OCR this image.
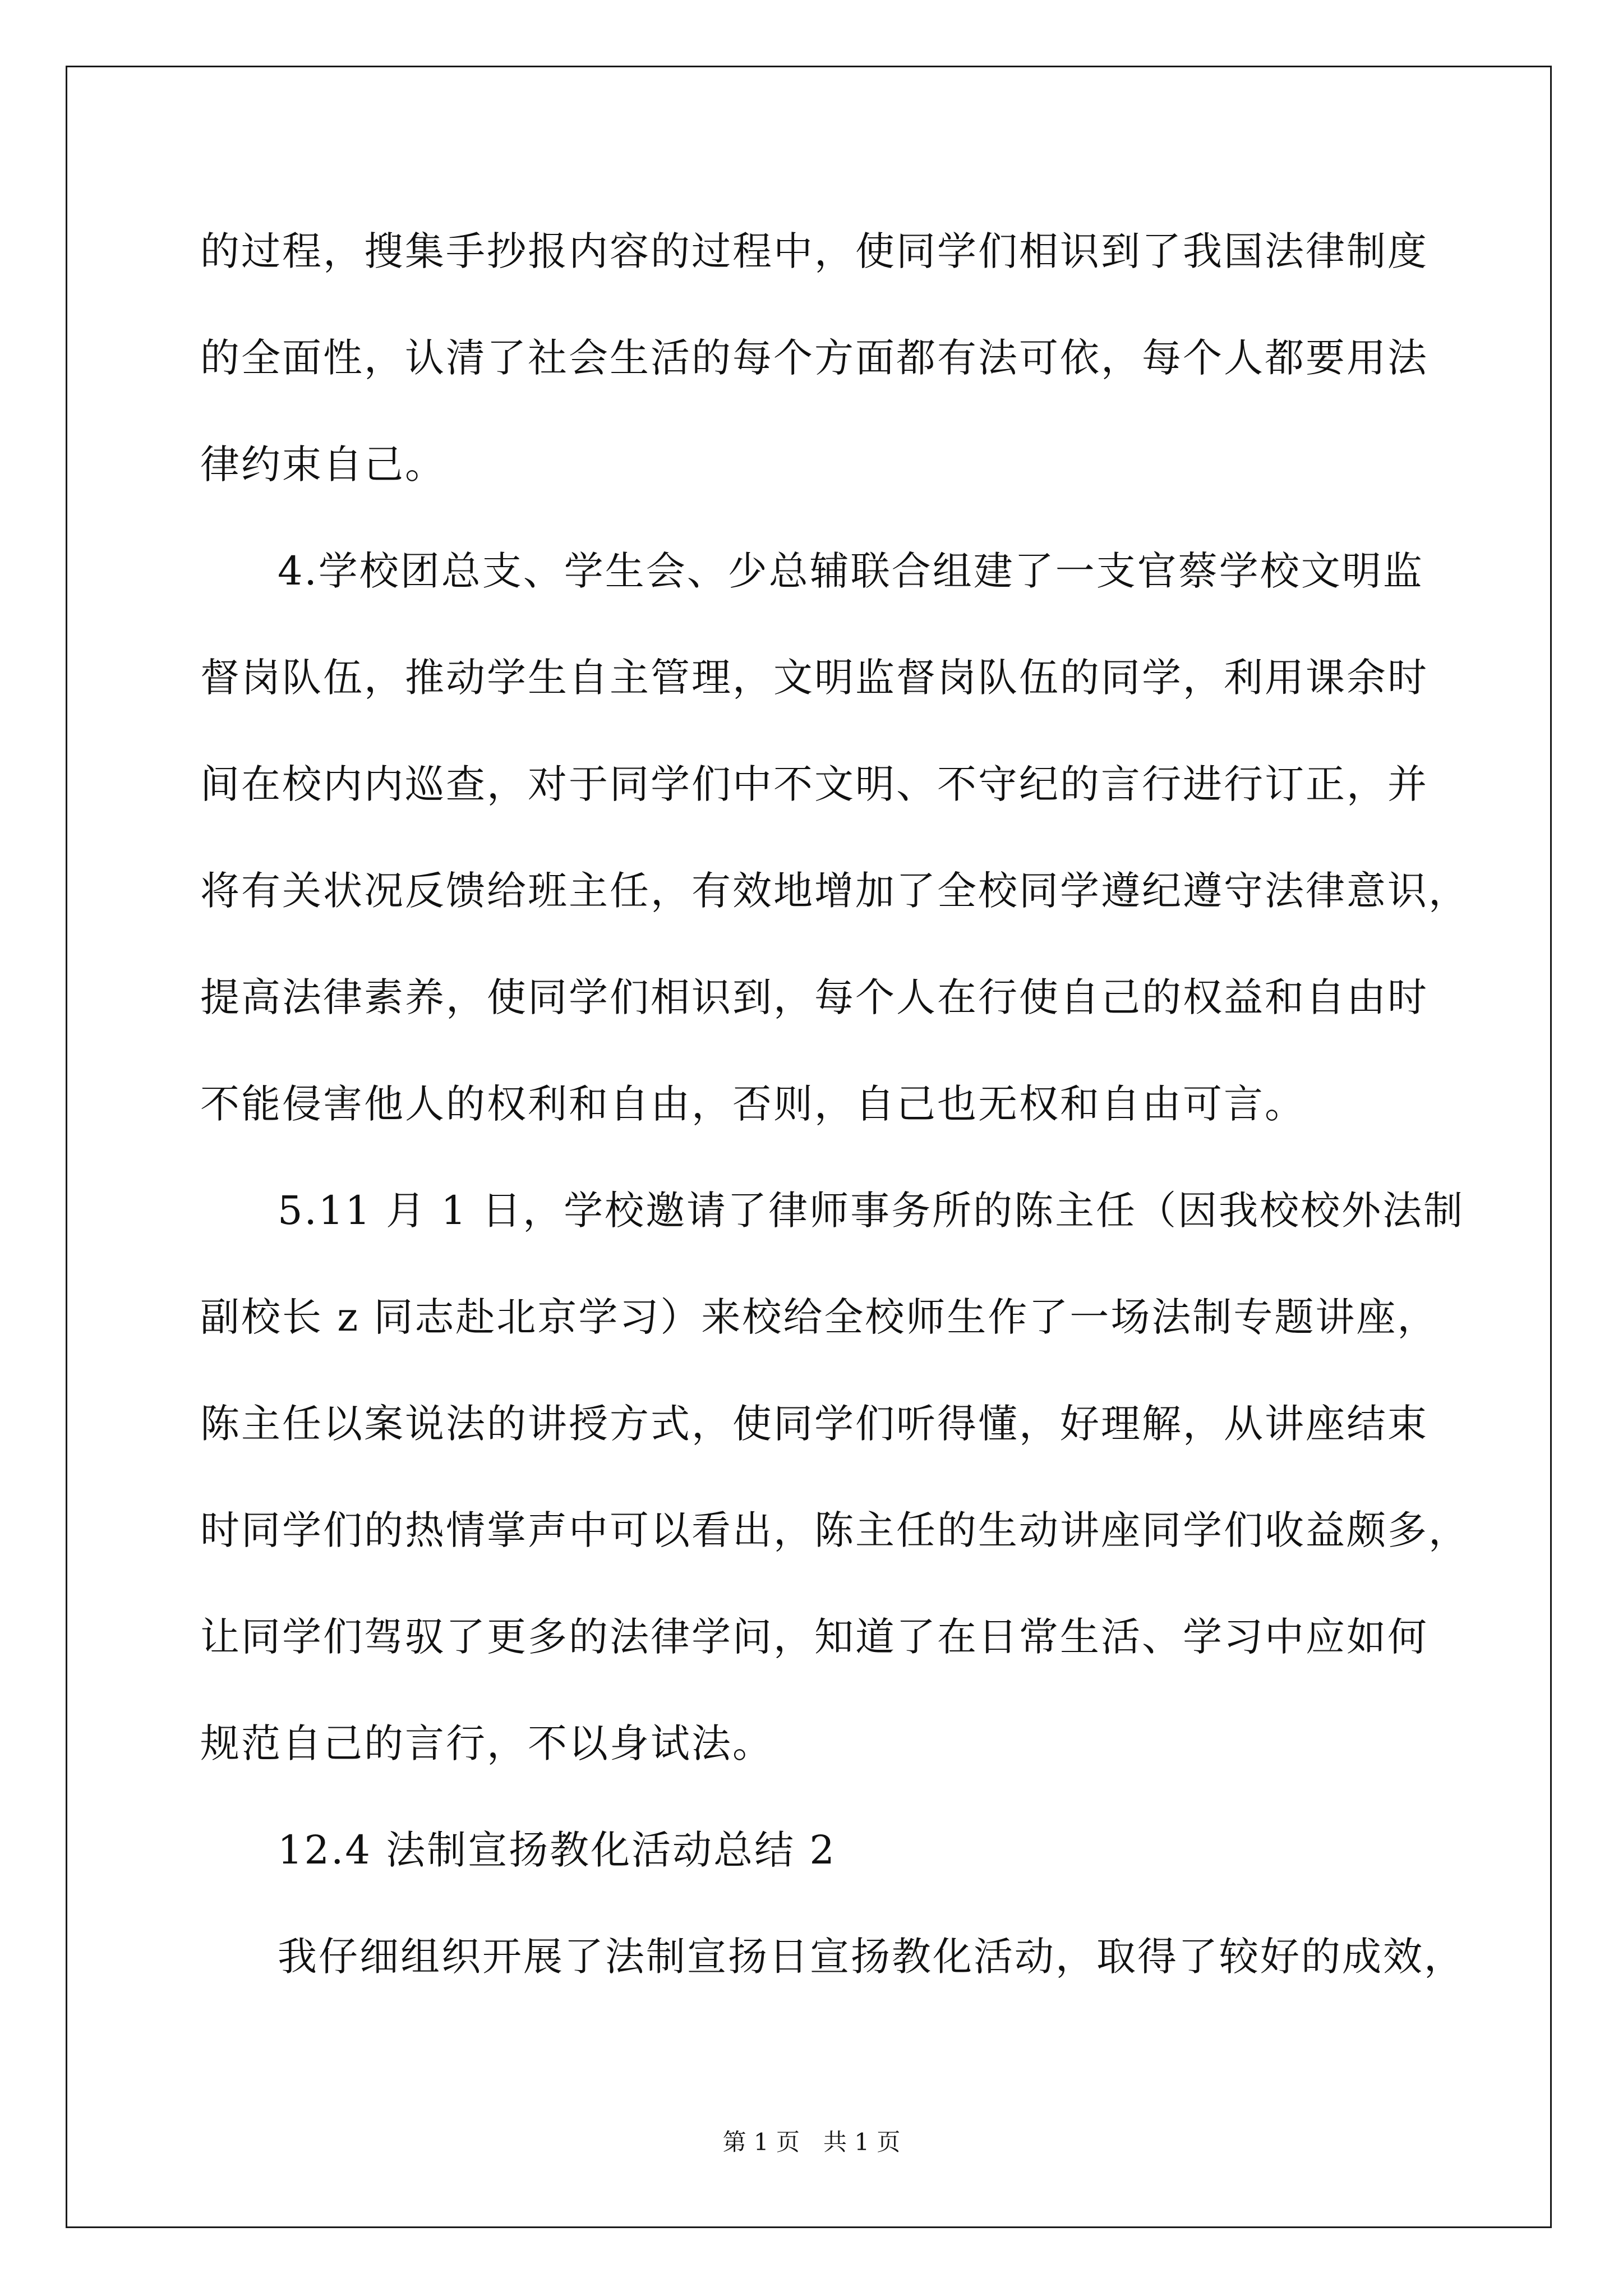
的过程，搜集手抄报内容的过程中，使同学们相识到了我国法律制度
的全面性，认清了社会生活的每个方面都有法可依，每个人都要用法
律约束自己。
4.学校团总支、学生会、少总辅联合组建了一支官蔡学校文明监
督岗队伍，推动学生自主管理，文明监督岗队伍的同学，利用课余时
间在校内内巡查，对于同学们中不文明、不守纪的言行进行订正，并
将有关状况反馈给班主任，有效地增加了全校同学遵纪遵守法律意识，
提高法律素养，使同学们相识到，每个人在行使自己的权益和自由时
不能侵害他人的权利和自由，否则，自己也无权和自由可言。
5.11 月 1 日，学校邀请了律师事务所的陈主任（因我校校外法制
副校长 z 同志赴北京学习）来校给全校师生作了一场法制专题讲座，
陈主任以案说法的讲授方式，使同学们听得懂，好理解，从讲座结束
时同学们的热情掌声中可以看出，陈主任的生动讲座同学们收益颇多，
让同学们驾驭了更多的法律学问，知道了在日常生活、学习中应如何
规范自己的言行，不以身试法。
12.4 法制宣扬教化活动总结 2
我仔细组织开展了法制宣扬日宣扬教化活动，取得了较好的成效，
第 1 页　共 1 页
